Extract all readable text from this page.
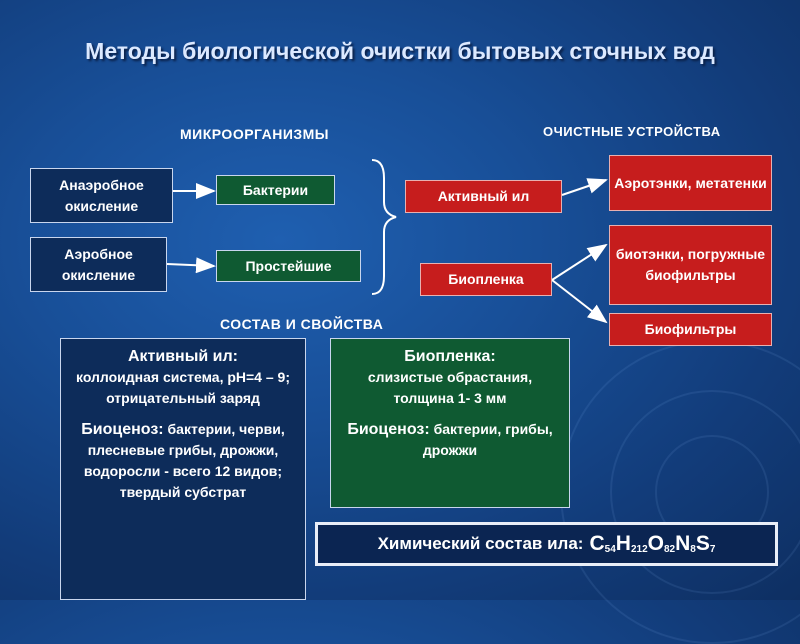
Методы биологической очистки бытовых сточных вод
МИКРООРГАНИЗМЫ	ОЧИСТНЫЕ УСТРОЙСТВА
СОСТАВ И СВОЙСТВА
Анаэробное окисление
Аэробное окисление
Бактерии
Простейшие
Активный ил
Биопленка
Аэротэнки, метатенки
биотэнки, погружные биофильтры
Биофильтры

Активный ил:

коллоидная система, pH=4 – 9; отрицательный заряд

Биоценоз: бактерии, черви, плесневые грибы, дрожжи, водоросли - всего 12 видов; твердый субстрат

Биопленка:

слизистые обрастания, толщина 1- 3 мм

Биоценоз: бактерии, грибы, дрожжи

Химический состав ила: $C_{54}H_{212}O_{82}N_8S_7$
